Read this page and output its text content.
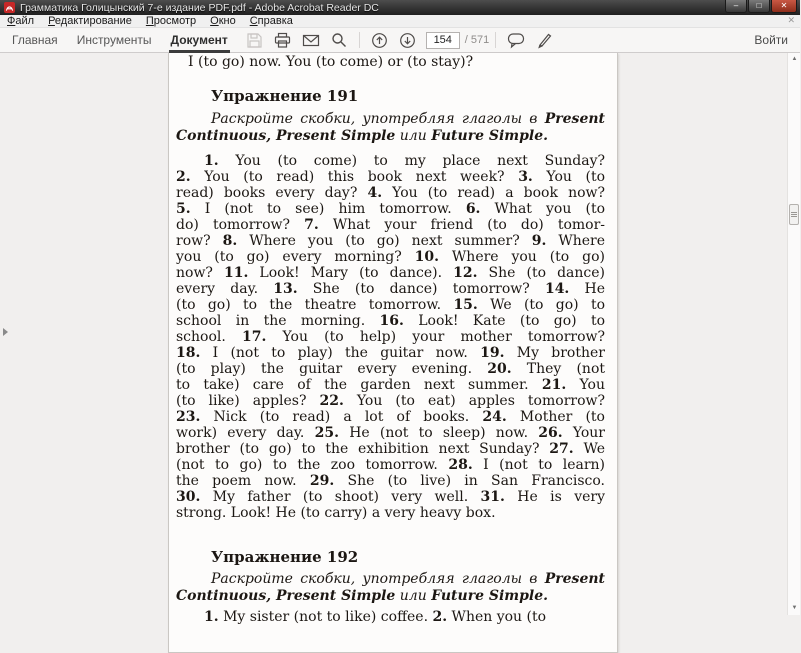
Грамматика Голицынский 7-е издание PDF.pdf - Adobe Acrobat Reader DC	–	□	✕
Файл	Редактирование	Просмотр	Окно	Справка	✕
Главная Инструменты Документ
154	/ 571	Войти
I (to go) now. You (to come) or (to stay)?
Упражнение 191
Раскройте скобки, употребляя глаголы в Present
Continuous, Present Simple или Future Simple.
1. You (to come) to my place next Sunday?
2. You (to read) this book next week? 3. You (to
read) books every day? 4. You (to read) a book now?
5. I (not to see) him tomorrow. 6. What you (to
do) tomorrow? 7. What your friend (to do) tomor-
row? 8. Where you (to go) next summer? 9. Where
you (to go) every morning? 10. Where you (to go)
now? 11. Look! Mary (to dance). 12. She (to dance)
every day. 13. She (to dance) tomorrow? 14. He
(to go) to the theatre tomorrow. 15. We (to go) to
school in the morning. 16. Look! Kate (to go) to
school. 17. You (to help) your mother tomorrow?
18. I (not to play) the guitar now. 19. My brother
(to play) the guitar every evening. 20. They (not
to take) care of the garden next summer. 21. You
(to like) apples? 22. You (to eat) apples tomorrow?
23. Nick (to read) a lot of books. 24. Mother (to
work) every day. 25. He (not to sleep) now. 26. Your
brother (to go) to the exhibition next Sunday? 27. We
(not to go) to the zoo tomorrow. 28. I (not to learn)
the poem now. 29. She (to live) in San Francisco.
30. My father (to shoot) very well. 31. He is very
strong. Look! He (to carry) a very heavy box.
Упражнение 192
Раскройте скобки, употребляя глаголы в Present
Continuous, Present Simple или Future Simple.
1. My sister (not to like) coffee. 2. When you (to
▲
▼
